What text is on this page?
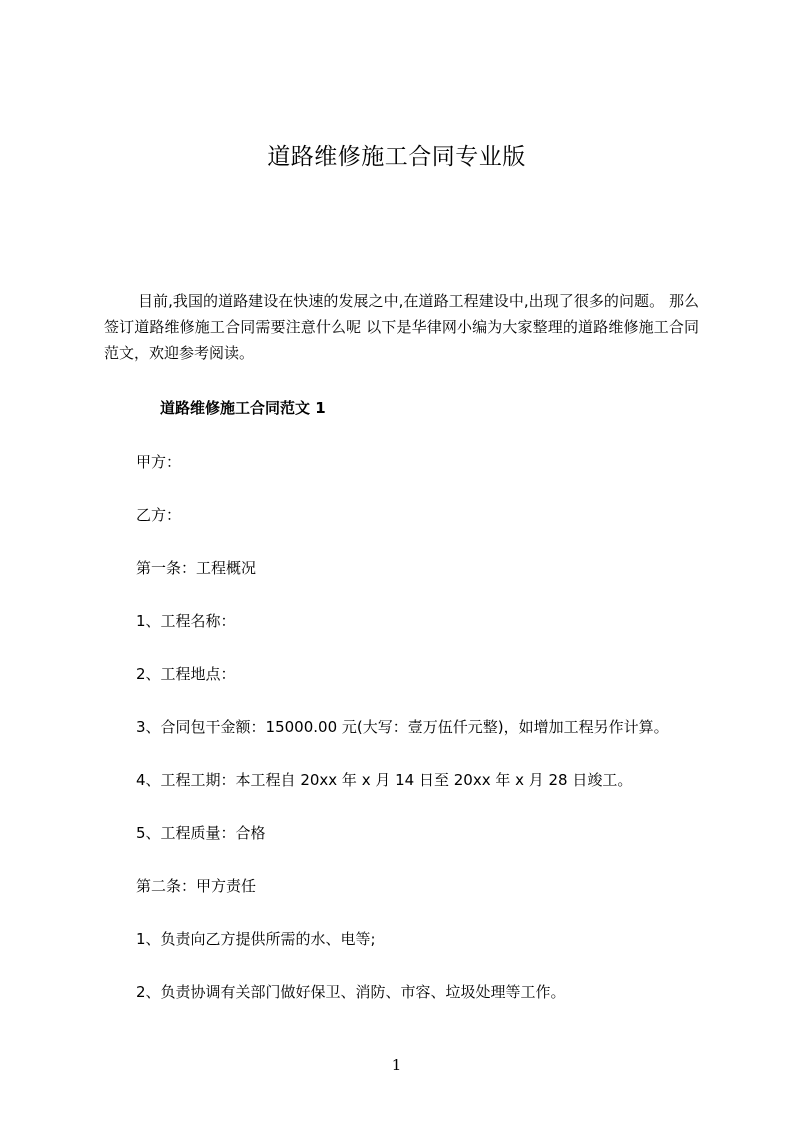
道路维修施工合同专业版
目前,我国的道路建设在快速的发展之中,在道路工程建设中,出现了很多的问题。 那么签订道路维修施工合同需要注意什么呢 以下是华律网小编为大家整理的道路维修施工合同范文，欢迎参考阅读。
道路维修施工合同范文 1
甲方：
乙方：
第一条：工程概况
1、工程名称：
2、工程地点：
3、合同包干金额：15000.00 元(大写：壹万伍仟元整)，如增加工程另作计算。
4、工程工期：本工程自 20xx 年 x 月 14 日至 20xx 年 x 月 28 日竣工。
5、工程质量：合格
第二条：甲方责任
1、负责向乙方提供所需的水、电等;
2、负责协调有关部门做好保卫、消防、市容、垃圾处理等工作。
1
